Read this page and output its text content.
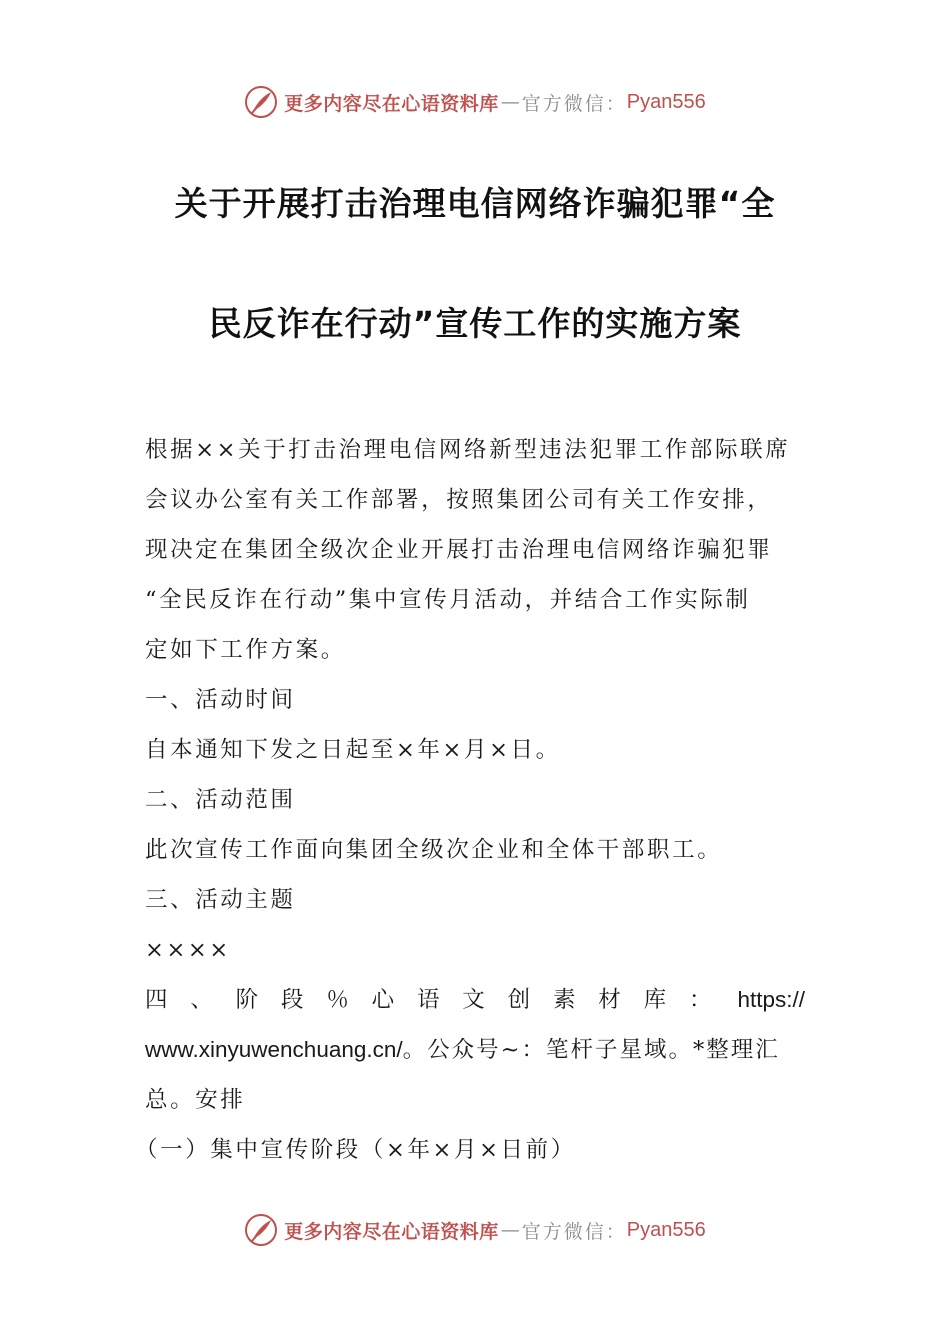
更多内容尽在心语资料库 — 官方微信： Pyan556
关于开展打击治理电信网络诈骗犯罪“全
民反诈在行动”宣传工作的实施方案
根据××关于打击治理电信网络新型违法犯罪工作部际联席
会议办公室有关工作部署，按照集团公司有关工作安排，
现决定在集团全级次企业开展打击治理电信网络诈骗犯罪
“全民反诈在行动”集中宣传月活动，并结合工作实际制
定如下工作方案。
一、活动时间
自本通知下发之日起至×年×月×日。
二、活动范围
此次宣传工作面向集团全级次企业和全体干部职工。
三、活动主题
××××
四 、 阶 段 ％ 心 语 文 创 素 材 库 ： https://
www.xinyuwenchuang.cn/。公众号~：笔杆子星域。*整理汇
总。安排
（一）集中宣传阶段（×年×月×日前）
更多内容尽在心语资料库 — 官方微信： Pyan556
